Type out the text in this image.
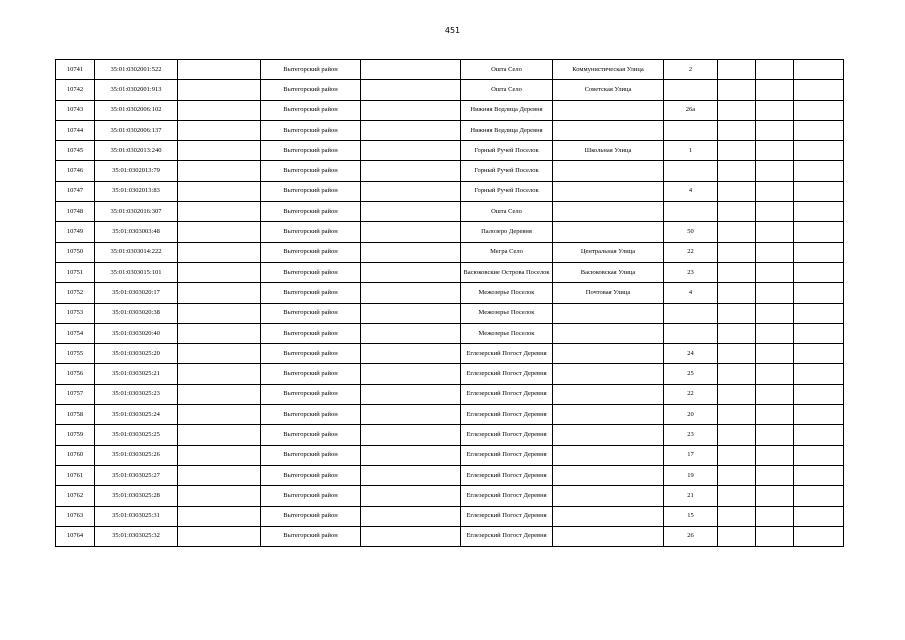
451
10741	35:01:0302001:522		Вытегорский район		Оштa Село	Коммунистическая Улица	2			
10742	35:01:0302001:913		Вытегорский район		Оштa Село	Советская Улица				
10743	35:01:0302006:102		Вытегорский район		Нижняя Водлица Деревня		26а			
10744	35:01:0302006:137		Вытегорский район		Нижняя Водлица Деревня					
10745	35:01:0302013:240		Вытегорский район		Горный Ручей Поселок	Школьная Улица	1			
10746	35:01:0302013:79		Вытегорский район		Горный Ручей Поселок					
10747	35:01:0302013:83		Вытегорский район		Горный Ручей Поселок		4			
10748	35:01:0302016:307		Вытегорский район		Оштa Село					
10749	35:01:0303003:48		Вытегорский район		Палозеро Деревня		50			
10750	35:01:0303014:222		Вытегорский район		Мегра Село	Центральная Улица	22			
10751	35:01:0303015:101		Вытегорский район		Васюковские Острова Поселок	Васюковская Улица	23			
10752	35:01:0303020:17		Вытегорский район		Межозерье Поселок	Почтовая Улица	4			
10753	35:01:0303020:38		Вытегорский район		Межозерье Поселок					
10754	35:01:0303020:40		Вытегорский район		Межозерье Поселок					
10755	35:01:0303025:20		Вытегорский район		Еглезерский Погост Деревня		24			
10756	35:01:0303025:21		Вытегорский район		Еглезерский Погост Деревня		25			
10757	35:01:0303025:23		Вытегорский район		Еглезерский Погост Деревня		22			
10758	35:01:0303025:24		Вытегорский район		Еглезерский Погост Деревня		20			
10759	35:01:0303025:25		Вытегорский район		Еглезерский Погост Деревня		23			
10760	35:01:0303025:26		Вытегорский район		Еглезерский Погост Деревня		17			
10761	35:01:0303025:27		Вытегорский район		Еглезерский Погост Деревня		19			
10762	35:01:0303025:28		Вытегорский район		Еглезерский Погост Деревня		21			
10763	35:01:0303025:31		Вытегорский район		Еглезерский Погост Деревня		15			
10764	35:01:0303025:32		Вытегорский район		Еглезерский Погост Деревня		26			
